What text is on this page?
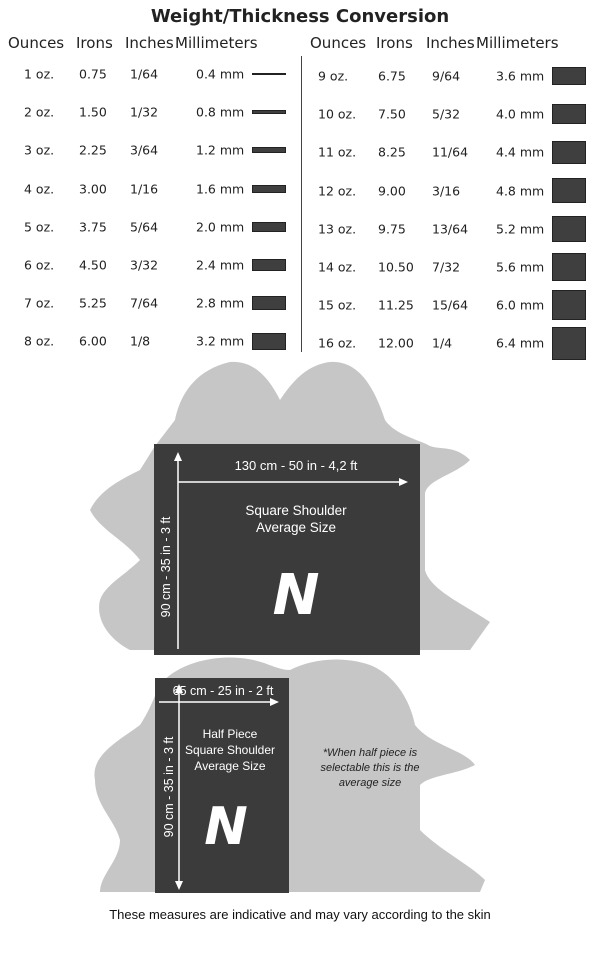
Weight/Thickness Conversion
Ounces Irons Inches Millimeters	Ounces Irons Inches Millimeters
1 oz. 0.75 1/64	0.4 mm
2 oz. 1.50 1/32	0.8 mm
3 oz. 2.25 3/64	1.2 mm
4 oz. 3.00 1/16	1.6 mm
5 oz. 3.75 5/64	2.0 mm
6 oz. 4.50 3/32	2.4 mm
7 oz. 5.25 7/64	2.8 mm
8 oz. 6.00 1/8	3.2 mm
9 oz. 6.75 9/64	3.6 mm
10 oz. 7.50 5/32	4.0 mm
11 oz. 8.25 11/64 4.4 mm
12 oz. 9.00 3/16	4.8 mm
13 oz. 9.75 13/64 5.2 mm
14 oz. 10.50 7/32	5.6 mm
15 oz. 11.25 15/64 6.0 mm
16 oz. 12.00 1/4	6.4 mm
130 cm - 50 in - 4,2 ft
90 cm - 35 in - 3 ft
Square Shoulder
Average Size
N
65 cm - 25 in - 2 ft
90 cm - 35 in - 3 ft
Half Piece
Square Shoulder
Average Size
N
*When half piece is
selectable this is the
average size
These measures are indicative and may vary according to the skin
